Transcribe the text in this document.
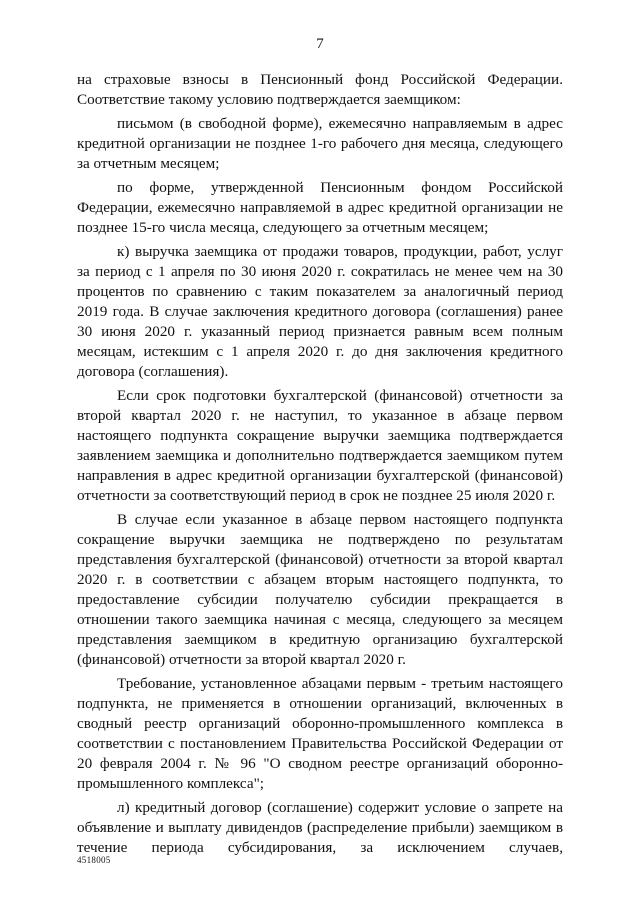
7

на страховые взносы в Пенсионный фонд Российской Федерации. Соответствие такому условию подтверждается заемщиком:

письмом (в свободной форме), ежемесячно направляемым в адрес кредитной организации не позднее 1-го рабочего дня месяца, следующего за отчетным месяцем;

по форме, утвержденной Пенсионным фондом Российской Федерации, ежемесячно направляемой в адрес кредитной организации не позднее 15-го числа месяца, следующего за отчетным месяцем;

к) выручка заемщика от продажи товаров, продукции, работ, услуг за период с 1 апреля по 30 июня 2020 г. сократилась не менее чем на 30 процентов по сравнению с таким показателем за аналогичный период 2019 года. В случае заключения кредитного договора (соглашения) ранее 30 июня 2020 г. указанный период признается равным всем полным месяцам, истекшим с 1 апреля 2020 г. до дня заключения кредитного договора (соглашения).

Если срок подготовки бухгалтерской (финансовой) отчетности за второй квартал 2020 г. не наступил, то указанное в абзаце первом настоящего подпункта сокращение выручки заемщика подтверждается заявлением заемщика и дополнительно подтверждается заемщиком путем направления в адрес кредитной организации бухгалтерской (финансовой) отчетности за соответствующий период в срок не позднее 25 июля 2020 г.

В случае если указанное в абзаце первом настоящего подпункта сокращение выручки заемщика не подтверждено по результатам представления бухгалтерской (финансовой) отчетности за второй квартал 2020 г. в соответствии с абзацем вторым настоящего подпункта, то предоставление субсидии получателю субсидии прекращается в отношении такого заемщика начиная с месяца, следующего за месяцем представления заемщиком в кредитную организацию бухгалтерской (финансовой) отчетности за второй квартал 2020 г.

Требование, установленное абзацами первым - третьим настоящего подпункта, не применяется в отношении организаций, включенных в сводный реестр организаций оборонно-промышленного комплекса в соответствии с постановлением Правительства Российской Федерации от 20 февраля 2004 г. № 96 "О сводном реестре организаций оборонно-промышленного комплекса";

л) кредитный договор (соглашение) содержит условие о запрете на объявление и выплату дивидендов (распределение прибыли) заемщиком в течение периода субсидирования, за исключением случаев,

4518005
